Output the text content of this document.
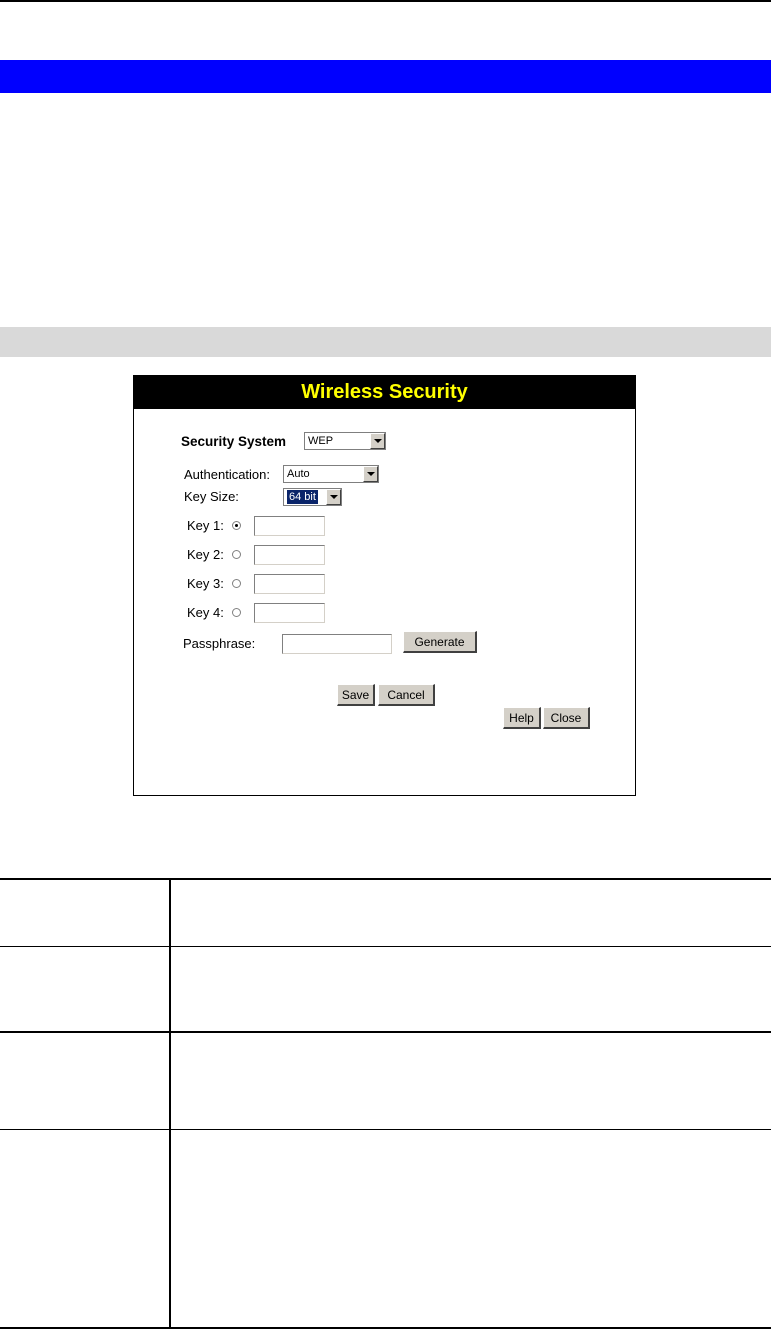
Wireless Security
Security System	WEP
Authentication:	Auto
Key Size:	64 bit
Key 1:
Key 2:
Key 3:
Key 4:
Passphrase:	Generate
Save	Cancel
Help	Close
